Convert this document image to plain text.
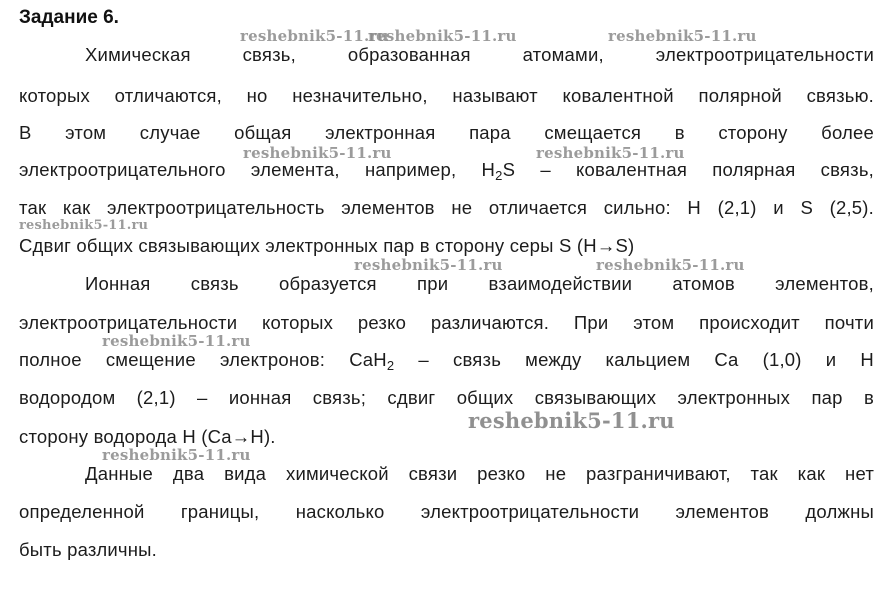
Задание 6.
Химическая связь, образованная атомами, электроотрицательности
которых отличаются, но незначительно, называют ковалентной полярной связью.
В этом случае общая электронная пара смещается в сторону более
электроотрицательного элемента, например, $H_2S$ – ковалентная полярная связь,
так как электроотрицательность элементов не отличается сильно: H (2,1) и S (2,5).
Сдвиг общих связывающих электронных пар в сторону серы S (H→S)
Ионная связь образуется при взаимодействии атомов элементов,
электроотрицательности которых резко различаются. При этом происходит почти
полное смещение электронов: CaH$_2$ – связь между кальцием Ca (1,0) и H
водородом (2,1) – ионная связь; сдвиг общих связывающих электронных пар в
сторону водорода H (Ca→H).
Данные два вида химической связи резко не разграничивают, так как нет
определенной границы, насколько электроотрицательности элементов должны
быть различны.
reshebnik5-11.ru
reshebnik5-11.ru	reshebnik5-11.ru
reshebnik5-11.ru	reshebnik5-11.ru
reshebnik5-11.ru
reshebnik5-11.ru	reshebnik5-11.ru
reshebnik5-11.ru
reshebnik5-11.ru
reshebnik5-11.ru
